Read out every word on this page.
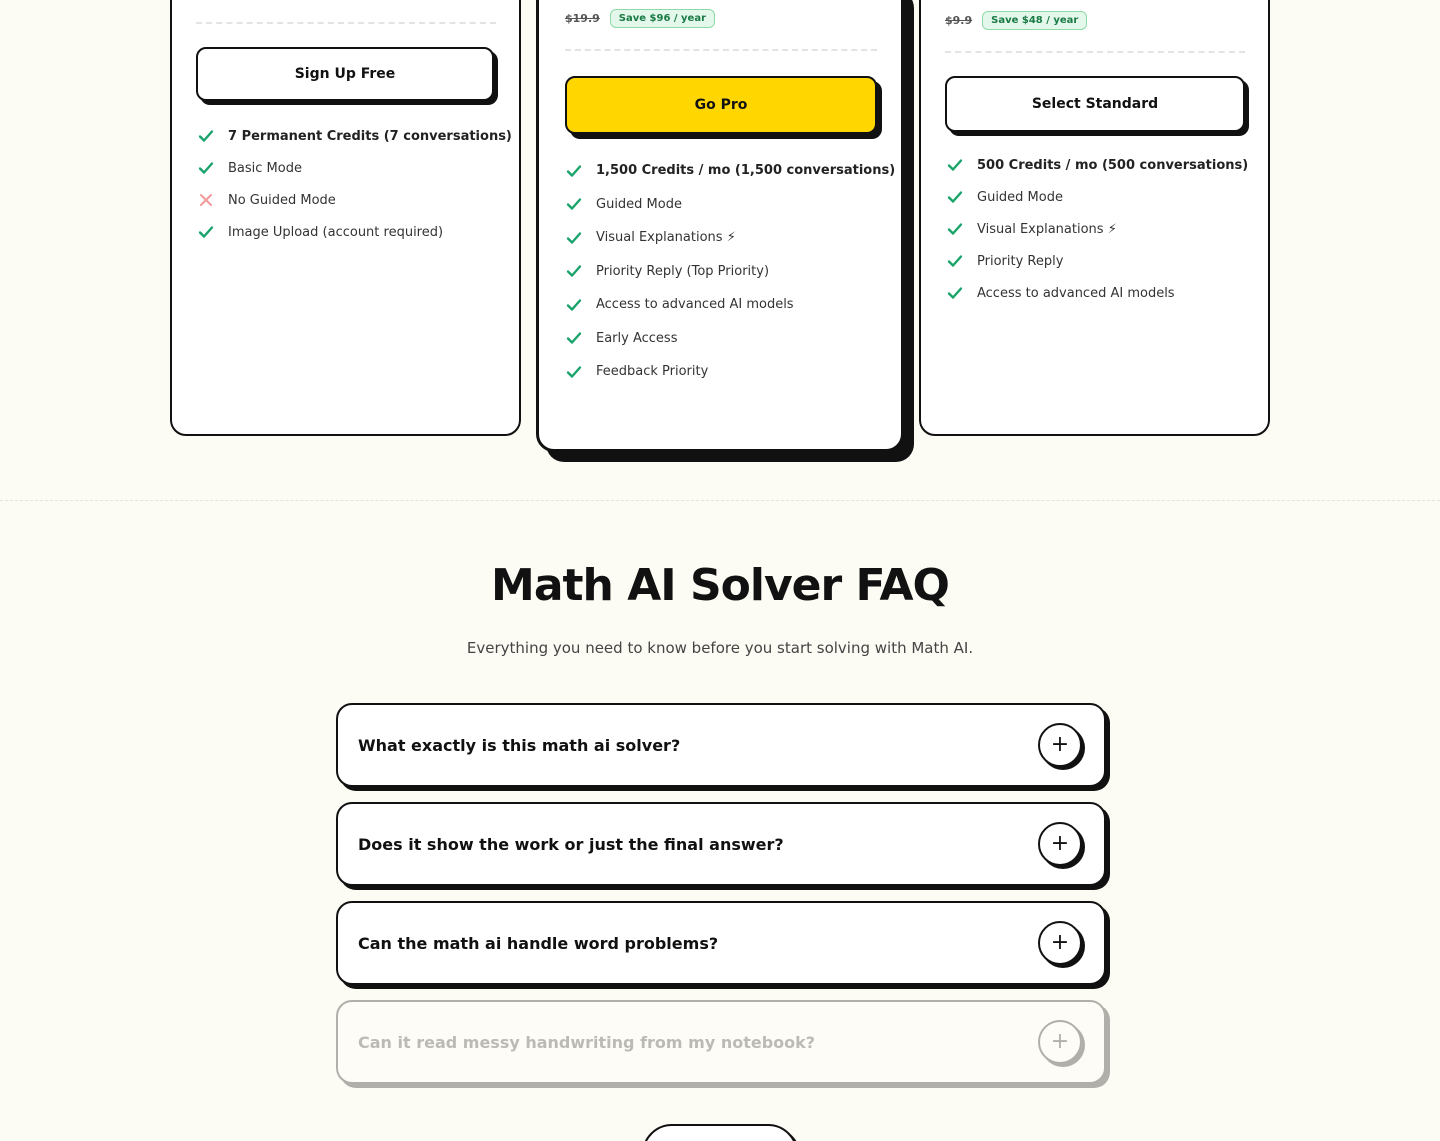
Sign Up Free
7 Permanent Credits (7 conversations)
Basic Mode
No Guided Mode
Image Upload (account required)
$19.9	Save $96 / year
Go Pro
1,500 Credits / mo (1,500 conversations)
Guided Mode
Visual Explanations ⚡
Priority Reply (Top Priority)
Access to advanced AI models
Early Access
Feedback Priority
$9.9	Save $48 / year
Select Standard
500 Credits / mo (500 conversations)
Guided Mode
Visual Explanations ⚡
Priority Reply
Access to advanced AI models
Math AI Solver FAQ

Everything you need to know before you start solving with Math AI.

What exactly is this math ai solver?	+
Does it show the work or just the final answer?	+
Can the math ai handle word problems?	+
Can it read messy handwriting from my notebook?	+
